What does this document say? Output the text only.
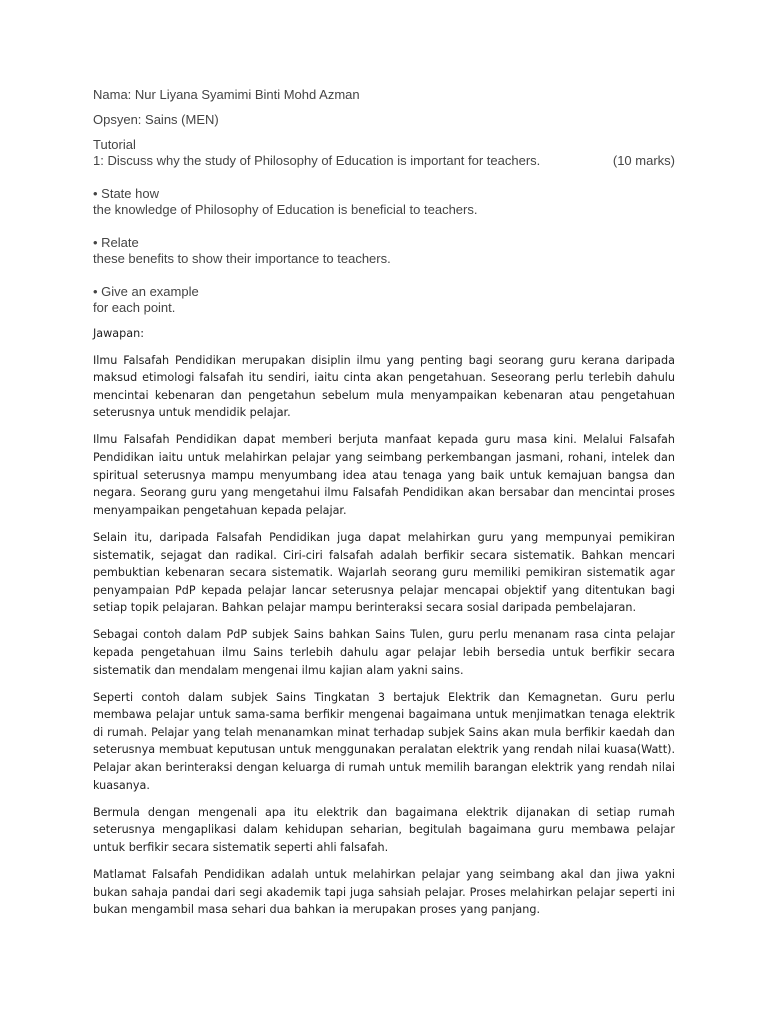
Nama: Nur Liyana Syamimi Binti Mohd Azman
Opsyen: Sains (MEN)
Tutorial
1: Discuss why the study of Philosophy of Education is important for teachers.	(10 marks)
• State how
the knowledge of Philosophy of Education is beneficial to teachers.
• Relate
these benefits to show their importance to teachers.
• Give an example
for each point.
Jawapan:

Ilmu Falsafah Pendidikan merupakan disiplin ilmu yang penting bagi seorang guru kerana daripada maksud etimologi falsafah itu sendiri, iaitu cinta akan pengetahuan. Seseorang perlu terlebih dahulu mencintai kebenaran dan pengetahun sebelum mula menyampaikan kebenaran atau pengetahuan seterusnya untuk mendidik pelajar.

Ilmu Falsafah Pendidikan dapat memberi berjuta manfaat kepada guru masa kini. Melalui Falsafah Pendidikan iaitu untuk melahirkan pelajar yang seimbang perkembangan jasmani, rohani, intelek dan spiritual seterusnya mampu menyumbang idea atau tenaga yang baik untuk kemajuan bangsa dan negara. Seorang guru yang mengetahui ilmu Falsafah Pendidikan akan bersabar dan mencintai proses menyampaikan pengetahuan kepada pelajar.

Selain itu, daripada Falsafah Pendidikan juga dapat melahirkan guru yang mempunyai pemikiran sistematik, sejagat dan radikal. Ciri-ciri falsafah adalah berfikir secara sistematik. Bahkan mencari pembuktian kebenaran secara sistematik. Wajarlah seorang guru memiliki pemikiran sistematik agar penyampaian PdP kepada pelajar lancar seterusnya pelajar mencapai objektif yang ditentukan bagi setiap topik pelajaran. Bahkan pelajar mampu berinteraksi secara sosial daripada pembelajaran.

Sebagai contoh dalam PdP subjek Sains bahkan Sains Tulen, guru perlu menanam rasa cinta pelajar kepada pengetahuan ilmu Sains terlebih dahulu agar pelajar lebih bersedia untuk berfikir secara sistematik dan mendalam mengenai ilmu kajian alam yakni sains.

Seperti contoh dalam subjek Sains Tingkatan 3 bertajuk Elektrik dan Kemagnetan. Guru perlu membawa pelajar untuk sama-sama berfikir mengenai bagaimana untuk menjimatkan tenaga elektrik di rumah. Pelajar yang telah menanamkan minat terhadap subjek Sains akan mula berfikir kaedah dan seterusnya membuat keputusan untuk menggunakan peralatan elektrik yang rendah nilai kuasa(Watt). Pelajar akan berinteraksi dengan keluarga di rumah untuk memilih barangan elektrik yang rendah nilai kuasanya.

Bermula dengan mengenali apa itu elektrik dan bagaimana elektrik dijanakan di setiap rumah seterusnya mengaplikasi dalam kehidupan seharian, begitulah bagaimana guru membawa pelajar untuk berfikir secara sistematik seperti ahli falsafah.

Matlamat Falsafah Pendidikan adalah untuk melahirkan pelajar yang seimbang akal dan jiwa yakni bukan sahaja pandai dari segi akademik tapi juga sahsiah pelajar. Proses melahirkan pelajar seperti ini bukan mengambil masa sehari dua bahkan ia merupakan proses yang panjang.
